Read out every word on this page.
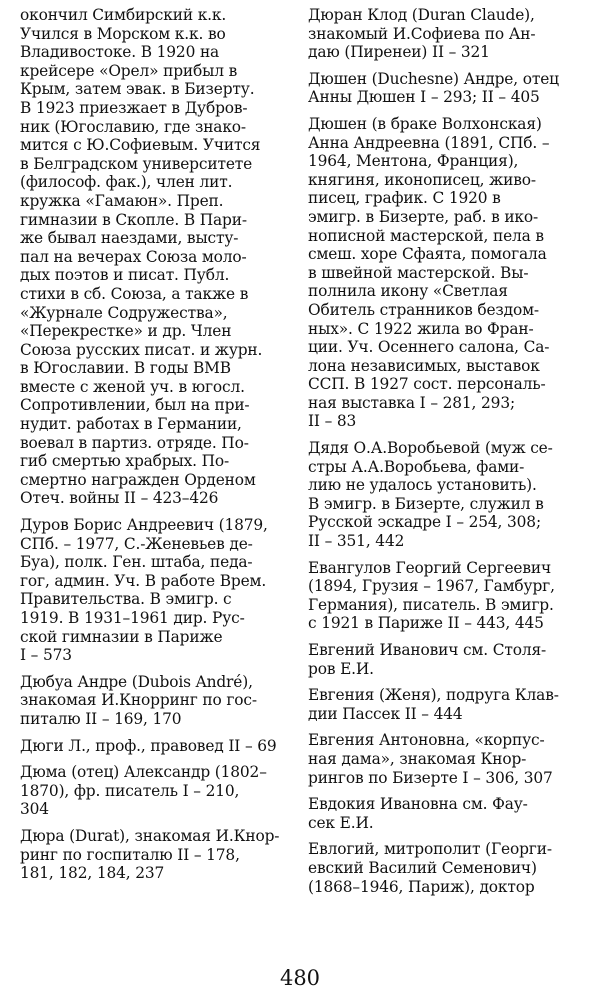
окончил Симбирский к.к.
Учился в Морском к.к. во
Владивостоке. В 1920 на
крейсере «Орел» прибыл в
Крым, затем эвак. в Бизерту.
В 1923 приезжает в Дубров-
ник (Югославию, где знако-
мится с Ю.Софиевым. Учится
в Белградском университете
(философ. фак.), член лит.
кружка «Гамаюн». Преп.
гимназии в Скопле. В Пари-
же бывал наездами, высту-
пал на вечерах Союза моло-
дых поэтов и писат. Публ.
стихи в сб. Союза, а также в
«Журнале Содружества»,
«Перекрестке» и др. Член
Союза русских писат. и журн.
в Югославии. В годы ВМВ
вместе с женой уч. в югосл.
Сопротивлении, был на при-
нудит. работах в Германии,
воевал в партиз. отряде. По-
гиб смертью храбрых. По-
смертно награжден Орденом
Отеч. войны II – 423–426
Дуров Борис Андреевич (1879,
СПб. – 1977, С.-Женевьев де-
Буа), полк. Ген. штаба, педа-
гог, админ. Уч. В работе Врем.
Правительства. В эмигр. с
1919. В 1931–1961 дир. Рус-
ской гимназии в Париже
I – 573
Дюбуа Андре (Dubois André),
знакомая И.Кнорринг по гос-
питалю II – 169, 170
Дюги Л., проф., правовед II – 69
Дюма (отец) Александр (1802–
1870), фр. писатель I – 210,
304
Дюра (Durat), знакомая И.Кнор-
ринг по госпиталю II – 178,
181, 182, 184, 237
Дюран Клод (Duran Claude),
знакомый И.Софиева по Ан-
даю (Пиренеи) II – 321
Дюшен (Duchesne) Андре, отец
Анны Дюшен I – 293; II – 405
Дюшен (в браке Волхонская)
Анна Андреевна (1891, СПб. –
1964, Ментона, Франция),
княгиня, иконописец, живо-
писец, график. С 1920 в
эмигр. в Бизерте, раб. в ико-
нописной мастерской, пела в
смеш. хоре Сфаята, помогала
в швейной мастерской. Вы-
полнила икону «Светлая
Обитель странников бездом-
ных». С 1922 жила во Фран-
ции. Уч. Осеннего салона, Са-
лона независимых, выставок
ССП. В 1927 сост. персональ-
ная выставка I – 281, 293;
II – 83
Дядя О.А.Воробьевой (муж се-
стры А.А.Воробьева, фами-
лию не удалось установить).
В эмигр. в Бизерте, служил в
Русской эскадре I – 254, 308;
II – 351, 442
Евангулов Георгий Сергеевич
(1894, Грузия – 1967, Гамбург,
Германия), писатель. В эмигр.
с 1921 в Париже II – 443, 445
Евгений Иванович см. Столя-
ров Е.И.
Евгения (Женя), подруга Клав-
дии Пассек II – 444
Евгения Антоновна, «корпус-
ная дама», знакомая Кнор-
рингов по Бизерте I – 306, 307
Евдокия Ивановна см. Фау-
сек Е.И.
Евлогий, митрополит (Георги-
евский Василий Семенович)
(1868–1946, Париж), доктор
480
